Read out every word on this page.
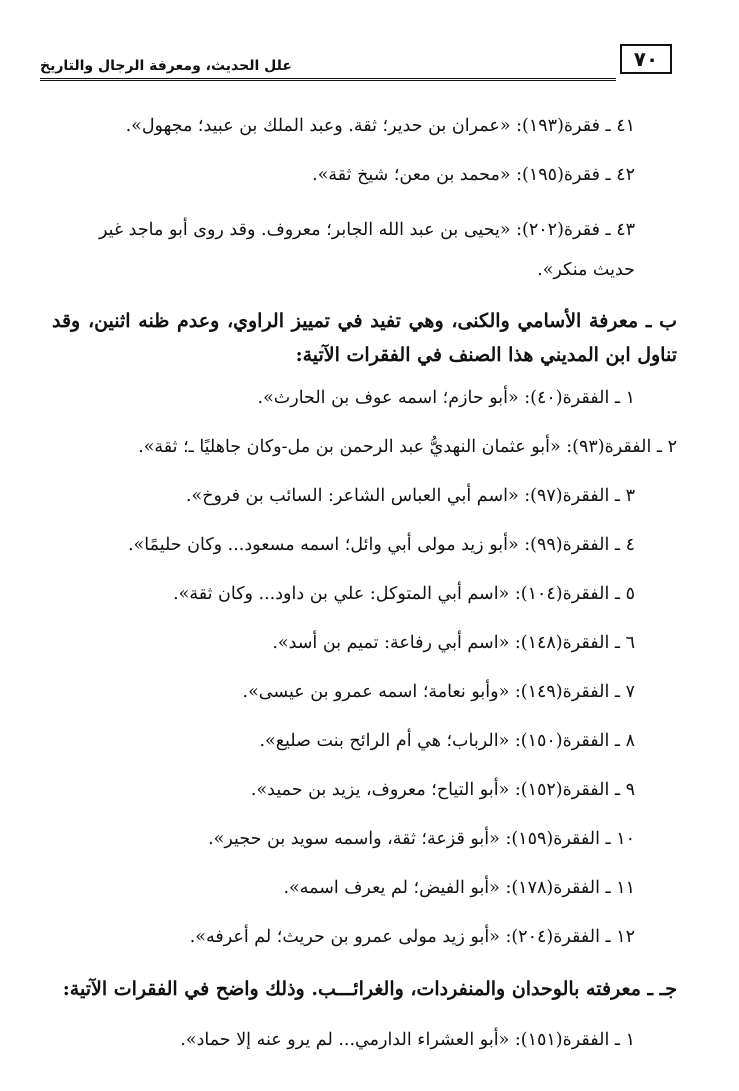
٧٠
علل الحديث، ومعرفة الرجال والتاريخ
٤١ ـ فقرة(١٩٣): «عمران بن حدير؛ ثقة. وعبد الملك بن عبيد؛ مجهول».
٤٢ ـ فقرة(١٩٥): «محمد بن معن؛ شيخ ثقة».
٤٣ ـ فقرة(٢٠٢): «يحيى بن عبد الله الجابر؛ معروف. وقد روى أبو ماجد غير حديث منكر».
ب ـ معرفة الأسامي والكنى، وهي تفيد في تمييز الراوي، وعدم ظنه اثنين، وقد تناول ابن المديني هذا الصنف في الفقرات الآتية:
١ ـ الفقرة(٤٠): «أبو حازم؛ اسمه عوف بن الحارث».
٢ ـ الفقرة(٩٣): «أبو عثمان النهديُّ عبد الرحمن بن مل-وكان جاهليًا ـ؛ ثقة».
٣ ـ الفقرة(٩٧): «اسم أبي العباس الشاعر: السائب بن فروخ».
٤ ـ الفقرة(٩٩): «أبو زيد مولى أبي وائل؛ اسمه مسعود... وكان حليمًا».
٥ ـ الفقرة(١٠٤): «اسم أبي المتوكل: علي بن داود... وكان ثقة».
٦ ـ الفقرة(١٤٨): «اسم أبي رفاعة: تميم بن أسد».
٧ ـ الفقرة(١٤٩): «وأبو نعامة؛ اسمه عمرو بن عيسى».
٨ ـ الفقرة(١٥٠): «الرباب؛ هي أم الرائح بنت صليع».
٩ ـ الفقرة(١٥٢): «أبو التياح؛ معروف، يزيد بن حميد».
١٠ ـ الفقرة(١٥٩): «أبو قزعة؛ ثقة، واسمه سويد بن حجير».
١١ ـ الفقرة(١٧٨): «أبو الفيض؛ لم يعرف اسمه».
١٢ ـ الفقرة(٢٠٤): «أبو زيد مولى عمرو بن حريث؛ لم أعرفه».
جـ ـ معرفته بالوحدان والمنفردات، والغرائـــب. وذلك واضح في الفقرات الآتية:
١ ـ الفقرة(١٥١): «أبو العشراء الدارمي... لم يرو عنه إلا حماد».
